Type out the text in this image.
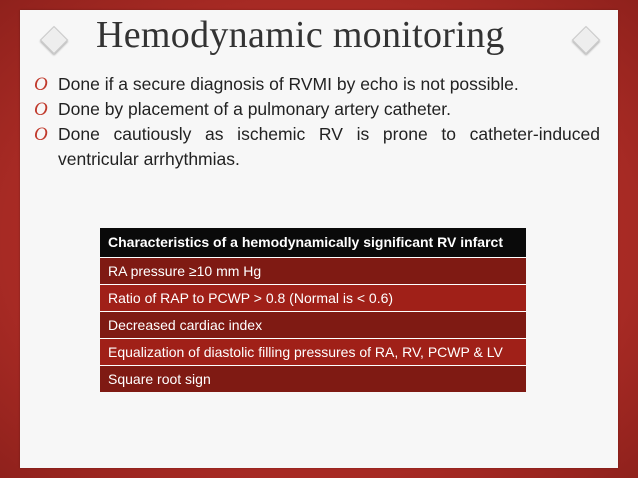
Hemodynamic monitoring
O Done if a secure diagnosis of RVMI by echo is not possible.
O Done by placement of a pulmonary artery catheter.
O Done cautiously as ischemic RV is prone to catheter-induced ventricular arrhythmias.
Characteristics of a hemodynamically significant RV infarct
RA pressure ≥10 mm Hg
Ratio of RAP to PCWP > 0.8 (Normal is < 0.6)
Decreased cardiac index
Equalization of diastolic filling pressures of RA, RV, PCWP & LV
Square root sign
